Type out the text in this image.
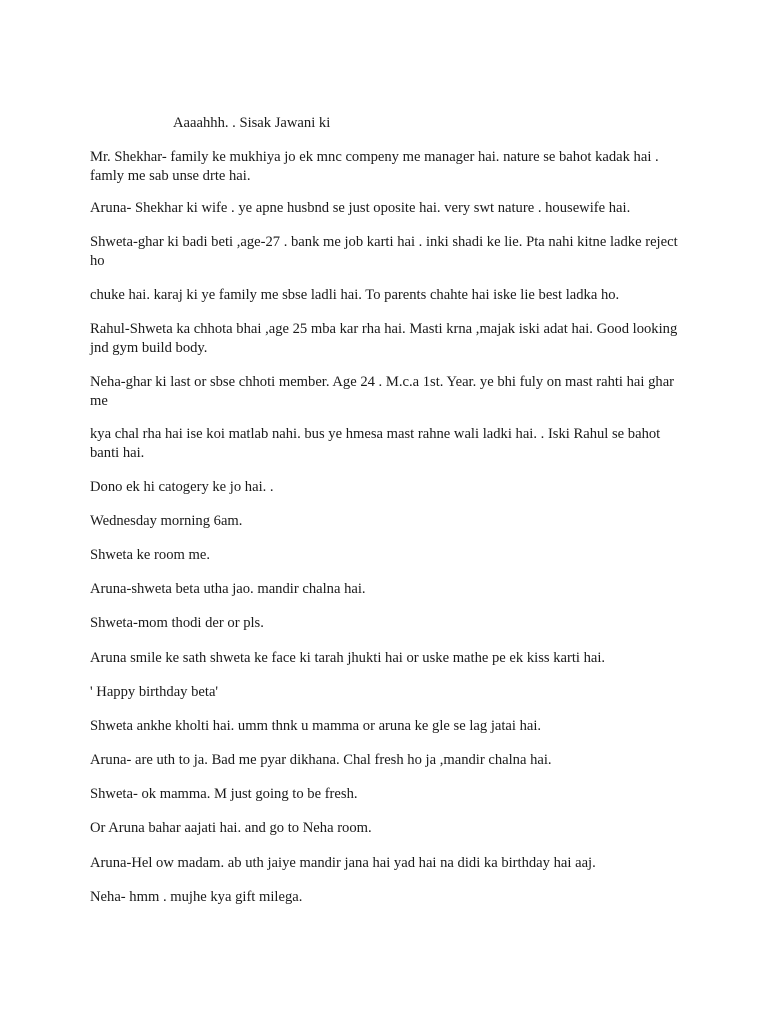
Aaaahhh. . Sisak Jawani ki

Mr. Shekhar- family ke mukhiya jo ek mnc compeny me manager hai. nature se bahot kadak hai . famly me sab unse drte hai.

Aruna- Shekhar ki wife . ye apne husbnd se just oposite hai. very swt nature . housewife hai.

Shweta-ghar ki badi beti ,age-27 . bank me job karti hai . inki shadi ke lie. Pta nahi kitne ladke reject ho

chuke hai. karaj ki ye family me sbse ladli hai. To parents chahte hai iske lie best ladka ho.

Rahul-Shweta ka chhota bhai ,age 25 mba kar rha hai. Masti krna ,majak iski adat hai. Good looking jnd gym build body.

Neha-ghar ki last or sbse chhoti member. Age 24 . M.c.a 1st. Year. ye bhi fuly on mast rahti hai ghar me

kya chal rha hai ise koi matlab nahi. bus ye hmesa mast rahne wali ladki hai. . Iski Rahul se bahot banti hai.

Dono ek hi catogery ke jo hai. .

Wednesday morning 6am.

Shweta ke room me.

Aruna-shweta beta utha jao. mandir chalna hai.

Shweta-mom thodi der or pls.

Aruna smile ke sath shweta ke face ki tarah jhukti hai or uske mathe pe ek kiss karti hai.

' Happy birthday beta'

Shweta ankhe kholti hai. umm thnk u mamma or aruna ke gle se lag jatai hai.

Aruna- are uth to ja. Bad me pyar dikhana. Chal fresh ho ja ,mandir chalna hai.

Shweta- ok mamma. M just going to be fresh.

Or Aruna bahar aajati hai. and go to Neha room.

Aruna-Hel ow madam. ab uth jaiye mandir jana hai yad hai na didi ka birthday hai aaj.

Neha- hmm . mujhe kya gift milega.
